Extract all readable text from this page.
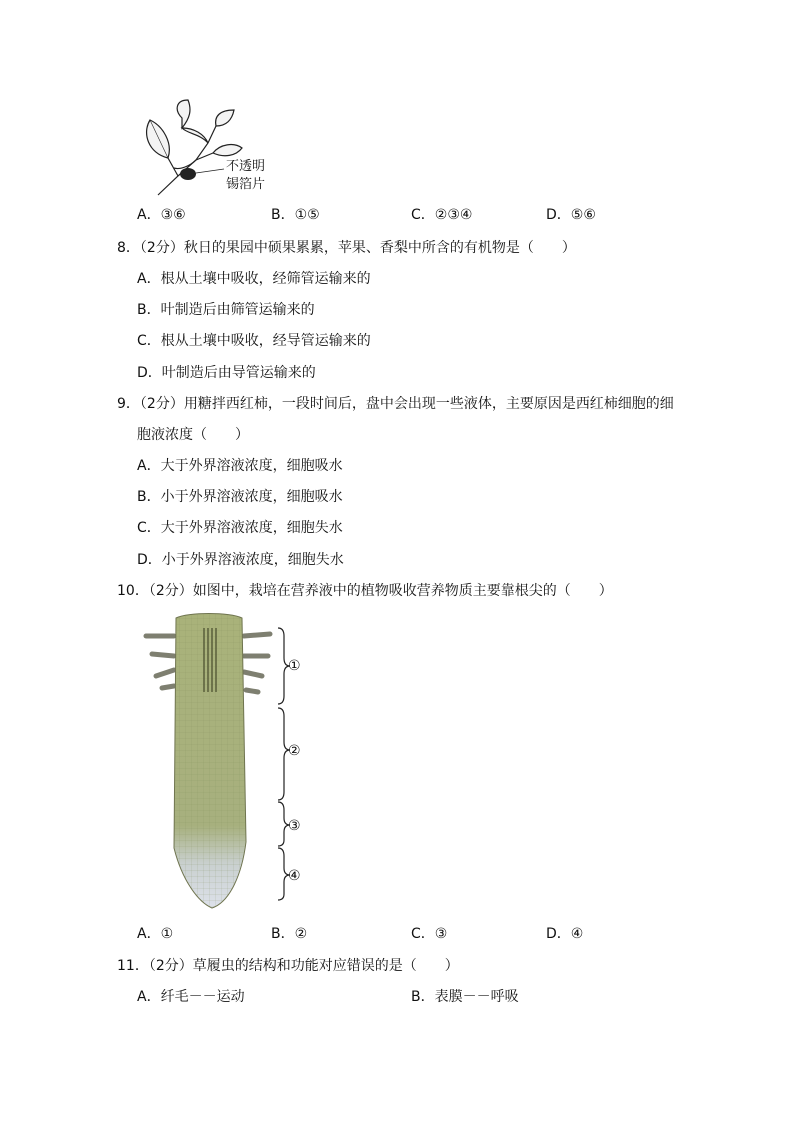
不透明
锡箔片
A．③⑥	B．①⑤	C．②③④	D．⑤⑥
8．（2分）秋日的果园中硕果累累，苹果、香梨中所含的有机物是（　　）
A．根从土壤中吸收，经筛管运输来的
B．叶制造后由筛管运输来的
C．根从土壤中吸收，经导管运输来的
D．叶制造后由导管运输来的
9．（2分）用糖拌西红柿，一段时间后，盘中会出现一些液体，主要原因是西红柿细胞的细
胞液浓度（　　）
A．大于外界溶液浓度，细胞吸水
B．小于外界溶液浓度，细胞吸水
C．大于外界溶液浓度，细胞失水
D．小于外界溶液浓度，细胞失水
10．（2分）如图中，栽培在营养液中的植物吸收营养物质主要靠根尖的（　　）
①
②
③
④
A．①	B．②	C．③	D．④
11．（2分）草履虫的结构和功能对应错误的是（　　）
A．纤毛－－运动	B．表膜－－呼吸
